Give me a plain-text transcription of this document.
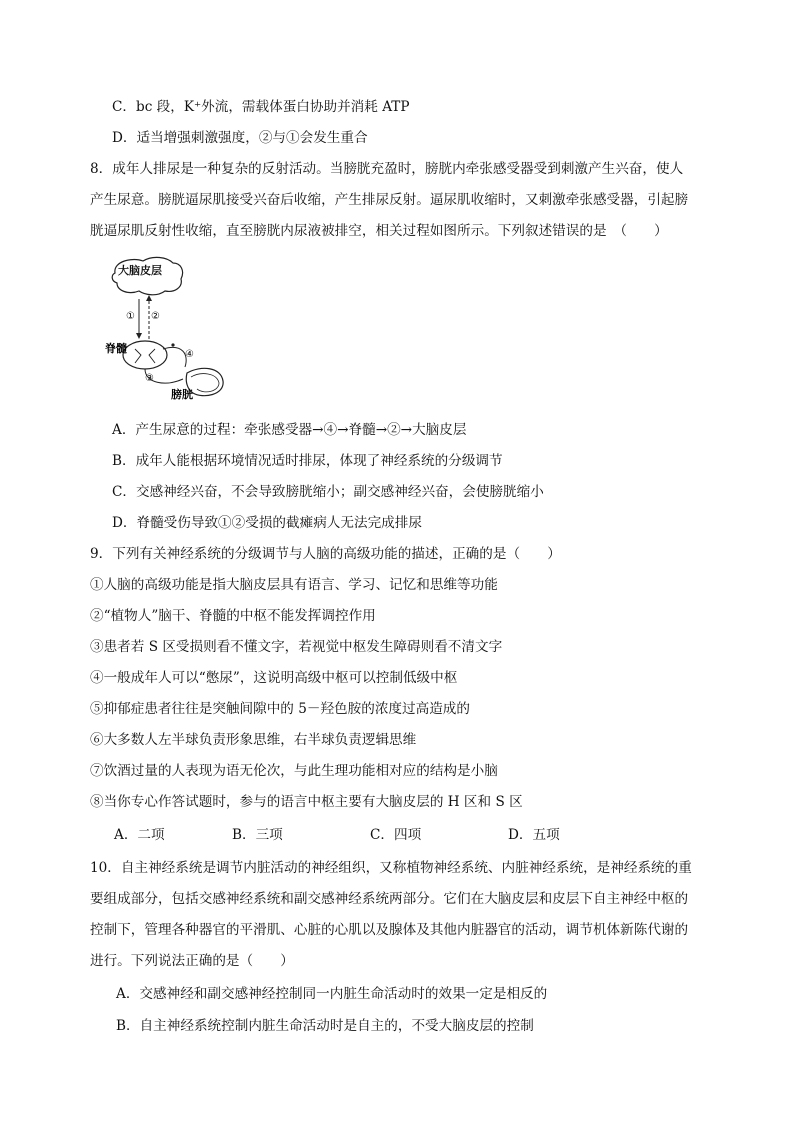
C．bc 段，K⁺外流，需载体蛋白协助并消耗 ATP
D．适当增强刺激强度，②与①会发生重合
8．成年人排尿是一种复杂的反射活动。当膀胱充盈时，膀胱内牵张感受器受到刺激产生兴奋，使人
产生尿意。膀胱逼尿肌接受兴奋后收缩，产生排尿反射。逼尿肌收缩时，又刺激牵张感受器，引起膀
胱逼尿肌反射性收缩，直至膀胱内尿液被排空，相关过程如图所示。下列叙述错误的是　（　　）
大脑皮层
① ②
脊髓	④
③
膀胱
A．产生尿意的过程：牵张感受器→④→脊髓→②→大脑皮层
B．成年人能根据环境情况适时排尿，体现了神经系统的分级调节
C．交感神经兴奋，不会导致膀胱缩小；副交感神经兴奋，会使膀胱缩小
D．脊髓受伤导致①②受损的截瘫病人无法完成排尿
9．下列有关神经系统的分级调节与人脑的高级功能的描述，正确的是（　　）
①人脑的高级功能是指大脑皮层具有语言、学习、记忆和思维等功能
②“植物人”脑干、脊髓的中枢不能发挥调控作用
③患者若 S 区受损则看不懂文字，若视觉中枢发生障碍则看不清文字
④一般成年人可以“憋尿”，这说明高级中枢可以控制低级中枢
⑤抑郁症患者往往是突触间隙中的 5－羟色胺的浓度过高造成的
⑥大多数人左半球负责形象思维，右半球负责逻辑思维
⑦饮酒过量的人表现为语无伦次，与此生理功能相对应的结构是小脑
⑧当你专心作答试题时，参与的语言中枢主要有大脑皮层的 H 区和 S 区
A．二项	B．三项	C．四项	D．五项
10．自主神经系统是调节内脏活动的神经组织，又称植物神经系统、内脏神经系统，是神经系统的重
要组成部分，包括交感神经系统和副交感神经系统两部分。它们在大脑皮层和皮层下自主神经中枢的
控制下，管理各种器官的平滑肌、心脏的心肌以及腺体及其他内脏器官的活动，调节机体新陈代谢的
进行。下列说法正确的是（　　）
A．交感神经和副交感神经控制同一内脏生命活动时的效果一定是相反的
B．自主神经系统控制内脏生命活动时是自主的，不受大脑皮层的控制
